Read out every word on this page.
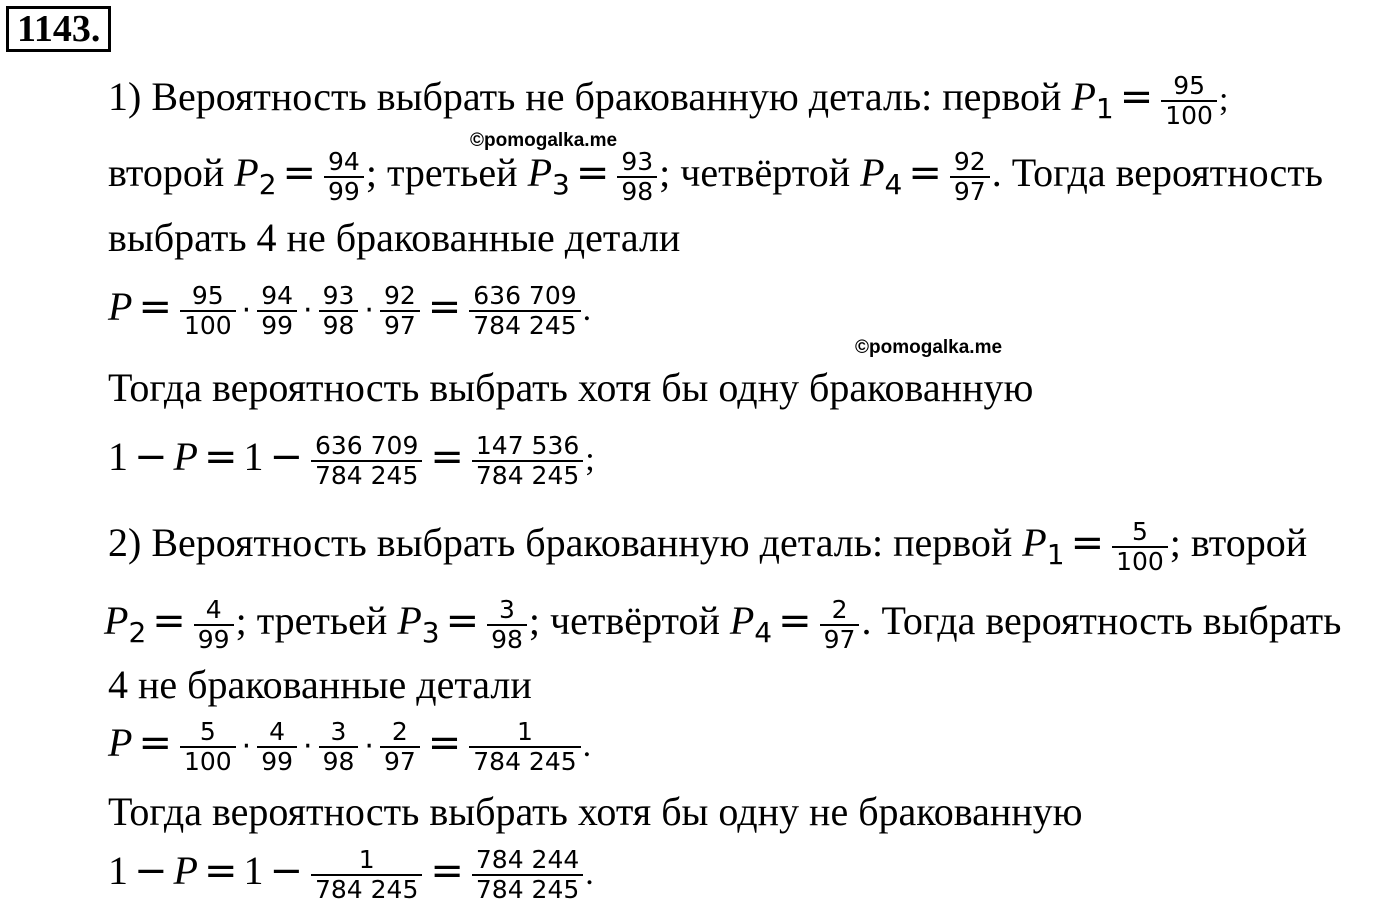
1143.
©pomogalka.me
©pomogalka.me
1) Вероятность выбрать не бракованную деталь: первой $P_1 = \frac{95}{100}$ ;
второй $P_2 = \frac{94}{99}$ ; третьей $P_3 = \frac{93}{98}$ ; четвёртой $P_4 = \frac{92}{97}$ . Тогда вероятность
выбрать 4 не бракованные детали
$P = \frac{95}{100} \cdot \frac{94}{99} \cdot \frac{93}{98} \cdot \frac{92}{97} = \frac{636 709}{784 245}$ .
Тогда вероятность выбрать хотя бы одну бракованную
$1 - P = 1 - \frac{636 709}{784 245} = \frac{147 536}{784 245}$ ;
2) Вероятность выбрать бракованную деталь: первой $P_1 = \frac{5}{100}$ ; второй
$P_2 = \frac{4}{99}$ ; третьей $P_3 = \frac{3}{98}$ ; четвёртой $P_4 = \frac{2}{97}$ . Тогда вероятность выбрать
4 не бракованные детали
$P = \frac{5}{100} \cdot \frac{4}{99} \cdot \frac{3}{98} \cdot \frac{2}{97} = \frac{1}{784 245}$ .
Тогда вероятность выбрать хотя бы одну не бракованную
$1 - P = 1 - \frac{1}{784 245} = \frac{784 244}{784 245}$ .
